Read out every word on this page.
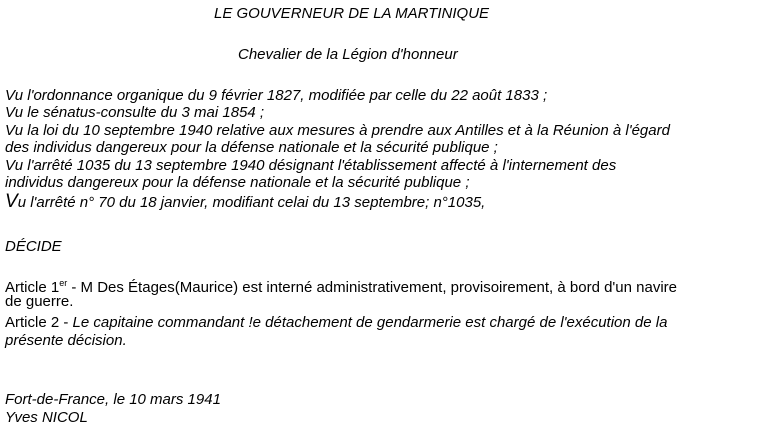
LE GOUVERNEUR DE LA MARTINIQUE
Chevalier de la Légion d'honneur
Vu l'ordonnance organique du 9 février 1827, modifiée par celle du 22 août 1833 ;
Vu le sénatus-consulte du 3 mai 1854 ;
Vu la loi du 10 septembre 1940 relative aux mesures à prendre aux Antilles et à la Réunion à l'égard
des individus dangereux pour la défense nationale et la sécurité publique ;
Vu l'arrêté 1035 du 13 septembre 1940 désignant l'établissement affecté à l'internement des
individus dangereux pour la défense nationale et la sécurité publique ;
Vu l'arrêté n° 70 du 18 janvier, modifiant celai du 13 septembre; n°1035,
DÉCIDE
Article 1er - M Des Étages(Maurice) est interné administrativement, provisoirement, à bord d'un navire
de guerre.
Article 2 - Le capitaine commandant !e détachement de gendarmerie est chargé de l'exécution de la
présente décision.
Fort-de-France, le 10 mars 1941
Yves NICOL
